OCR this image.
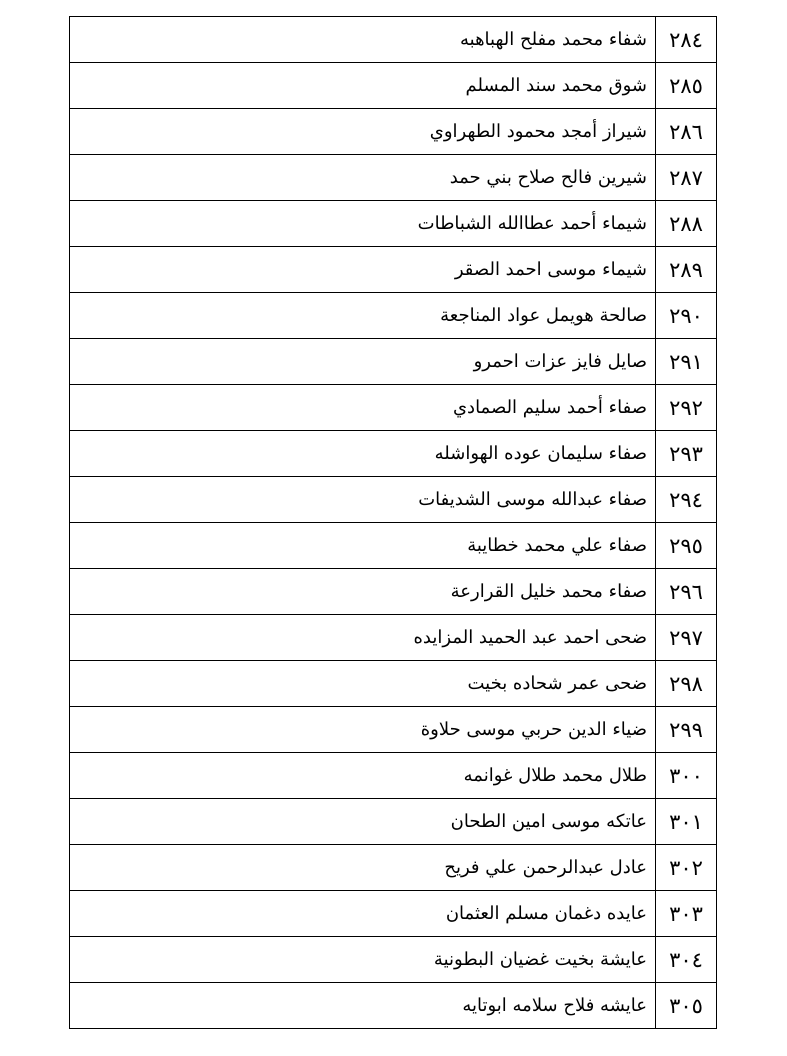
٢٨٤	شفاء محمد مفلح الهباهبه
٢٨٥	شوق محمد سند المسلم
٢٨٦	شيراز أمجد محمود الطهراوي
٢٨٧	شيرين فالح صلاح بني حمد
٢٨٨	شيماء أحمد عطاالله الشباطات
٢٨٩	شيماء موسى احمد الصقر
٢٩٠	صالحة هويمل عواد المناجعة
٢٩١	صايل فايز عزات احمرو
٢٩٢	صفاء أحمد سليم الصمادي
٢٩٣	صفاء سليمان عوده الهواشله
٢٩٤	صفاء عبدالله موسى الشديفات
٢٩٥	صفاء علي محمد خطايبة
٢٩٦	صفاء محمد خليل القرارعة
٢٩٧	ضحى احمد عبد الحميد المزايده
٢٩٨	ضحى عمر شحاده بخيت
٢٩٩	ضياء الدين حربي موسى حلاوة
٣٠٠	طلال محمد طلال غوانمه
٣٠١	عاتكه موسى امين الطحان
٣٠٢	عادل عبدالرحمن علي فريح
٣٠٣	عايده دغمان مسلم العثمان
٣٠٤	عايشة بخيت غضيان البطونية
٣٠٥	عايشه فلاح سلامه ابوتايه
